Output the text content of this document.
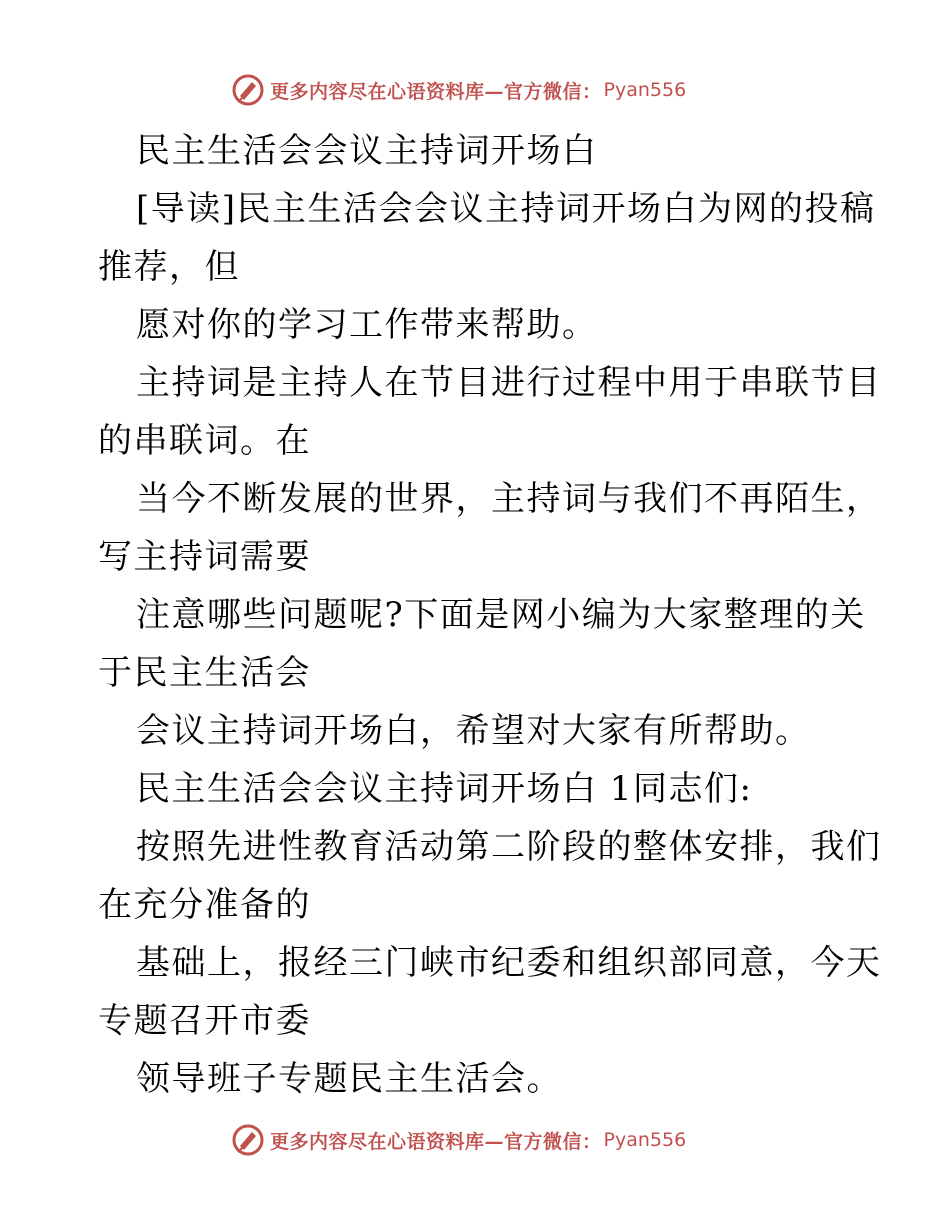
更多内容尽在心语资料库—官方微信： Pyan556
民主生活会会议主持词开场白
[导读]民主生活会会议主持词开场白为网的投稿
推荐，但
愿对你的学习工作带来帮助。
主持词是主持人在节目进行过程中用于串联节目
的串联词。在
当今不断发展的世界，主持词与我们不再陌生，
写主持词需要
注意哪些问题呢?下面是网小编为大家整理的关
于民主生活会
会议主持词开场白，希望对大家有所帮助。
民主生活会会议主持词开场白 1同志们:
按照先进性教育活动第二阶段的整体安排，我们
在充分准备的
基础上，报经三门峡市纪委和组织部同意，今天
专题召开市委
领导班子专题民主生活会。
更多内容尽在心语资料库—官方微信： Pyan556
